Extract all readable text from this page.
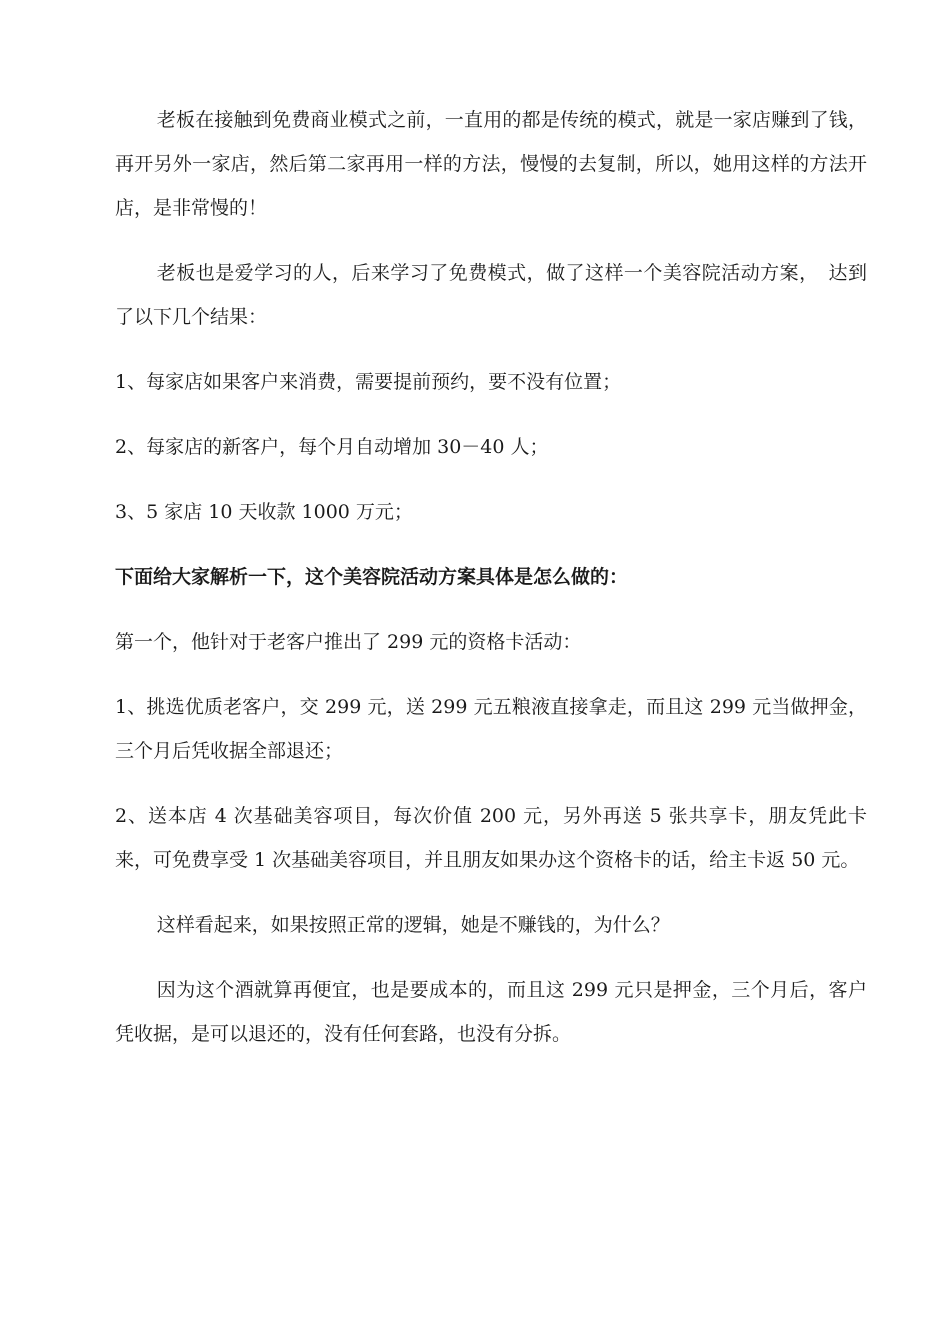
老板在接触到免费商业模式之前，一直用的都是传统的模式，就是一家店赚到了钱，再开另外一家店，然后第二家再用一样的方法，慢慢的去复制，所以，她用这样的方法开店，是非常慢的！

老板也是爱学习的人，后来学习了免费模式，做了这样一个美容院活动方案，　达到了以下几个结果：

1、每家店如果客户来消费，需要提前预约，要不没有位置；

2、每家店的新客户，每个月自动增加 30－40 人；

3、5 家店 10 天收款 1000 万元；

下面给大家解析一下，这个美容院活动方案具体是怎么做的：

第一个，他针对于老客户推出了 299 元的资格卡活动：

1、挑选优质老客户，交 299 元，送 299 元五粮液直接拿走，而且这 299 元当做押金，三个月后凭收据全部退还；

2、送本店 4 次基础美容项目，每次价值 200 元，另外再送 5 张共享卡，朋友凭此卡来，可免费享受 1 次基础美容项目，并且朋友如果办这个资格卡的话，给主卡返 50 元。

这样看起来，如果按照正常的逻辑，她是不赚钱的，为什么？

因为这个酒就算再便宜，也是要成本的，而且这 299 元只是押金，三个月后，客户凭收据，是可以退还的，没有任何套路，也没有分拆。
